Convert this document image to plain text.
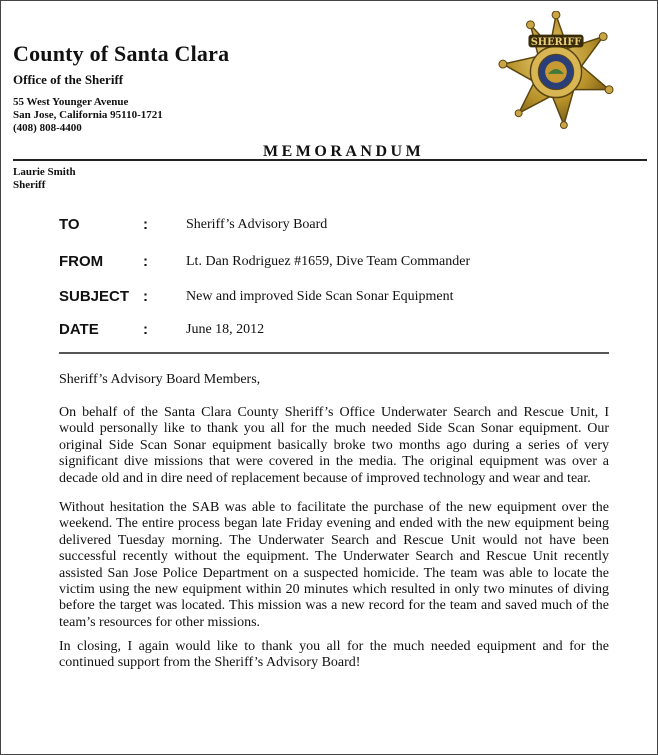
County of Santa Clara
Office of the Sheriff
55 West Younger Avenue
San Jose, California 95110-1721
(408) 808-4400
SHERIFF
MEMORANDUM
Laurie Smith
Sheriff
TO	:	Sheriff’s Advisory Board
FROM	:	Lt. Dan Rodriguez #1659, Dive Team Commander
SUBJECT :	New and improved Side Scan Sonar Equipment
DATE	:	June 18, 2012
Sheriff’s Advisory Board Members,

On behalf of the Santa Clara County Sheriff’s Office Underwater Search and Rescue Unit, I would personally like to thank you all for the much needed Side Scan Sonar equipment. Our original Side Scan Sonar equipment basically broke two months ago during a series of very significant dive missions that were covered in the media. The original equipment was over a decade old and in dire need of replacement because of improved technology and wear and tear.

Without hesitation the SAB was able to facilitate the purchase of the new equipment over the weekend. The entire process began late Friday evening and ended with the new equipment being delivered Tuesday morning. The Underwater Search and Rescue Unit would not have been successful recently without the equipment. The Underwater Search and Rescue Unit recently assisted San Jose Police Department on a suspected homicide. The team was able to locate the victim using the new equipment within 20 minutes which resulted in only two minutes of diving before the target was located. This mission was a new record for the team and saved much of the team’s resources for other missions.

In closing, I again would like to thank you all for the much needed equipment and for the continued support from the Sheriff’s Advisory Board!
